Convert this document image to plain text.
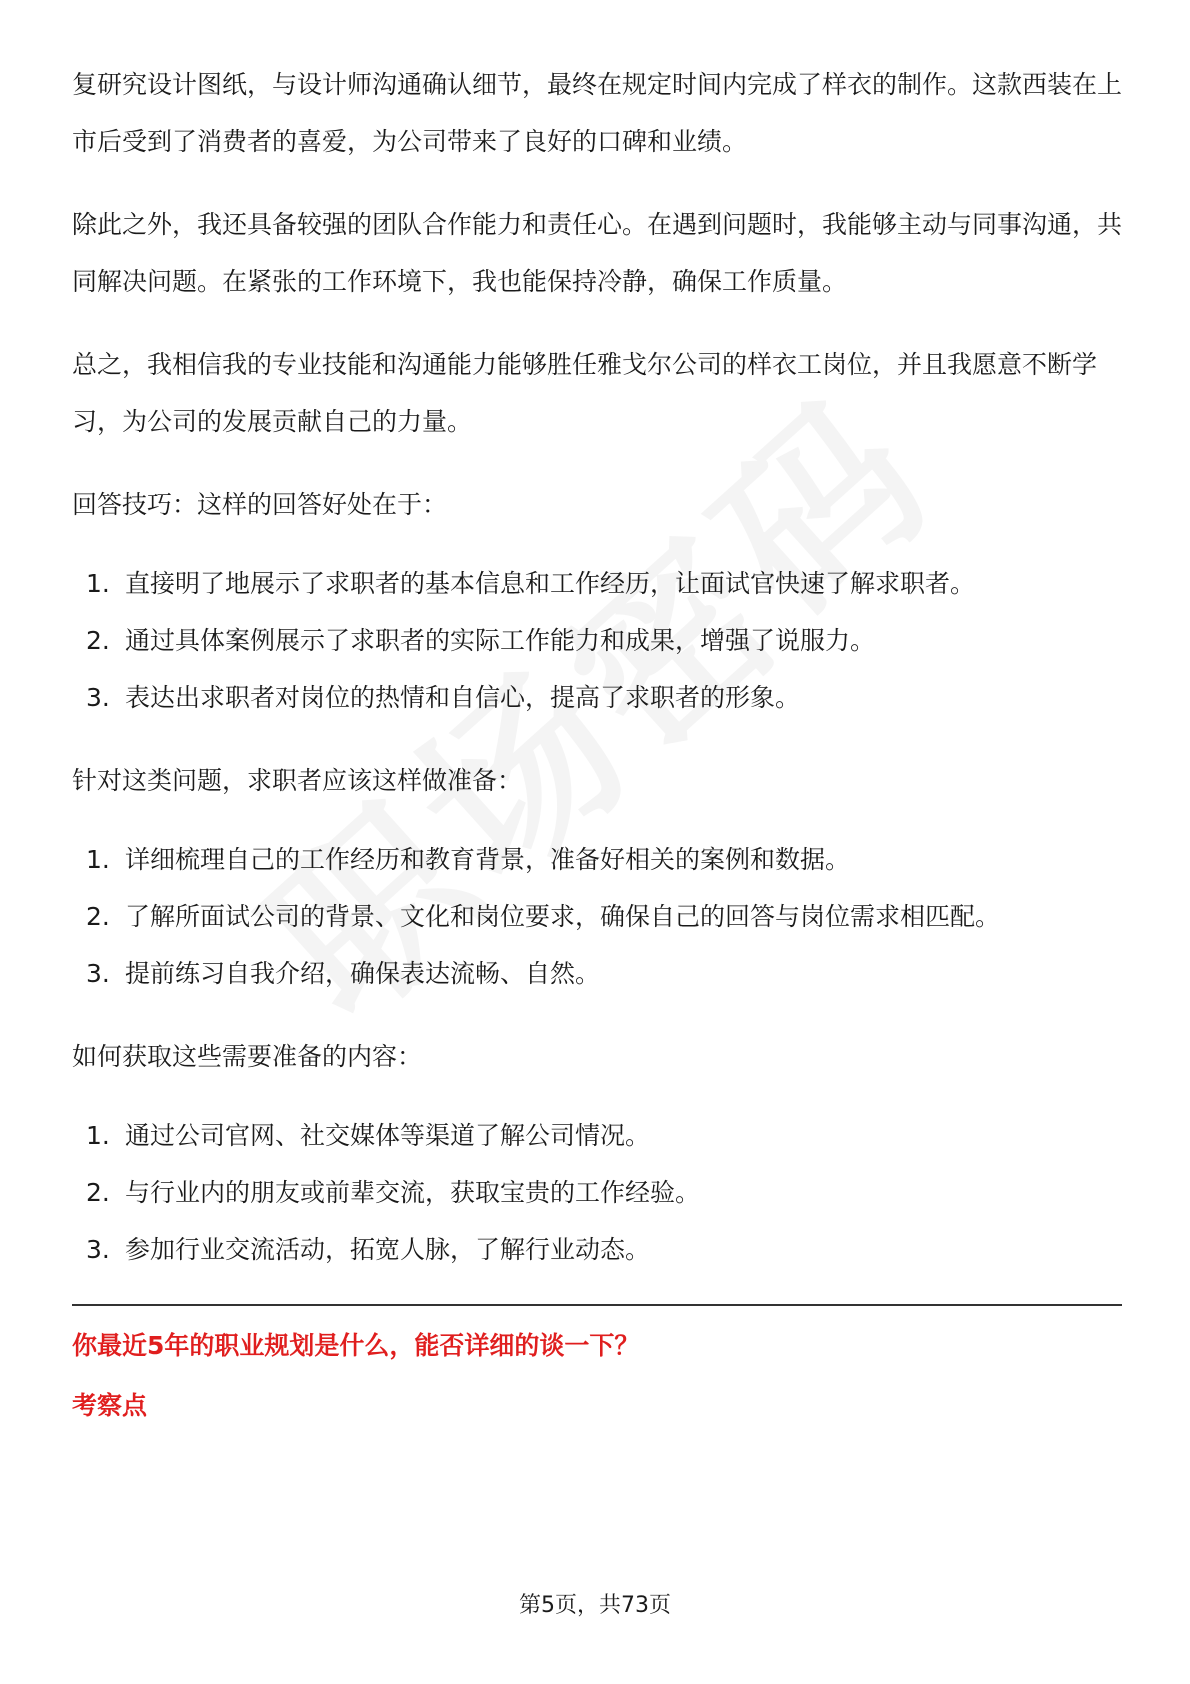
复研究设计图纸，与设计师沟通确认细节，最终在规定时间内完成了样衣的制作。这款西装在上市后受到了消费者的喜爱，为公司带来了良好的口碑和业绩。

除此之外，我还具备较强的团队合作能力和责任心。在遇到问题时，我能够主动与同事沟通，共同解决问题。在紧张的工作环境下，我也能保持冷静，确保工作质量。

总之，我相信我的专业技能和沟通能力能够胜任雅戈尔公司的样衣工岗位，并且我愿意不断学习，为公司的发展贡献自己的力量。

回答技巧：这样的回答好处在于：

1. 直接明了地展示了求职者的基本信息和工作经历，让面试官快速了解求职者。
2. 通过具体案例展示了求职者的实际工作能力和成果，增强了说服力。
3. 表达出求职者对岗位的热情和自信心，提高了求职者的形象。

针对这类问题，求职者应该这样做准备：

1. 详细梳理自己的工作经历和教育背景，准备好相关的案例和数据。
2. 了解所面试公司的背景、文化和岗位要求，确保自己的回答与岗位需求相匹配。
3. 提前练习自我介绍，确保表达流畅、自然。

如何获取这些需要准备的内容：

1. 通过公司官网、社交媒体等渠道了解公司情况。
2. 与行业内的朋友或前辈交流，获取宝贵的工作经验。
3. 参加行业交流活动，拓宽人脉，了解行业动态。
你最近5年的职业规划是什么，能否详细的谈一下？
考察点
第5页，共73页
